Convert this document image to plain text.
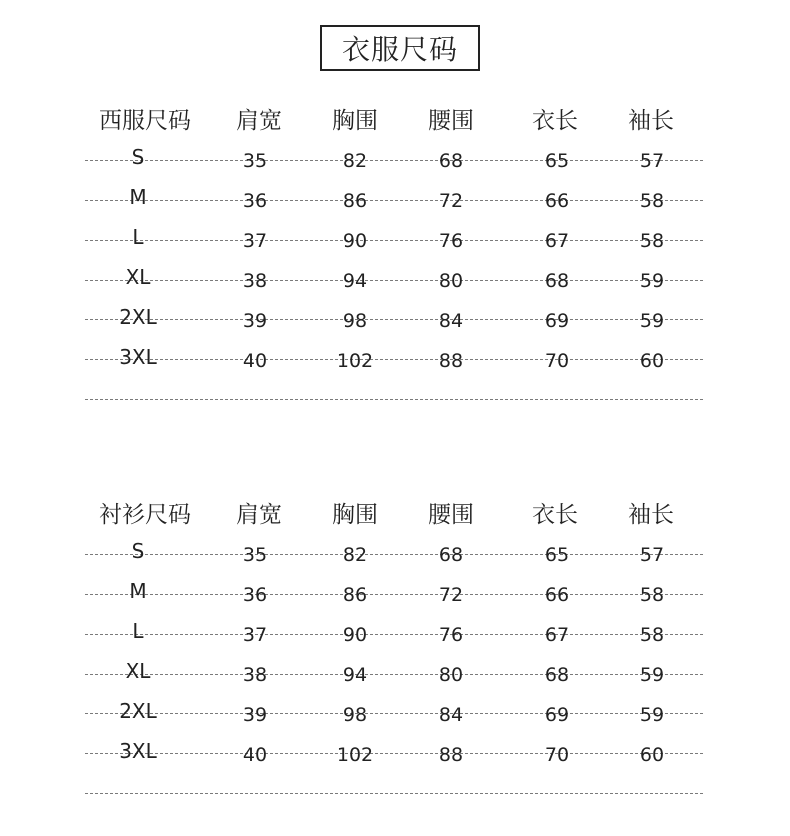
衣服尺码
西服尺码	肩宽	胸围	腰围	衣长	袖长
S	35	82	68	65	57
M	36	86	72	66	58
L	37	90	76	67	58
XL	38	94	80	68	59
2XL	39	98	84	69	59
3XL	40	102	88	70	60
衬衫尺码	肩宽	胸围	腰围	衣长	袖长
S	35	82	68	65	57
M	36	86	72	66	58
L	37	90	76	67	58
XL	38	94	80	68	59
2XL	39	98	84	69	59
3XL	40	102	88	70	60
